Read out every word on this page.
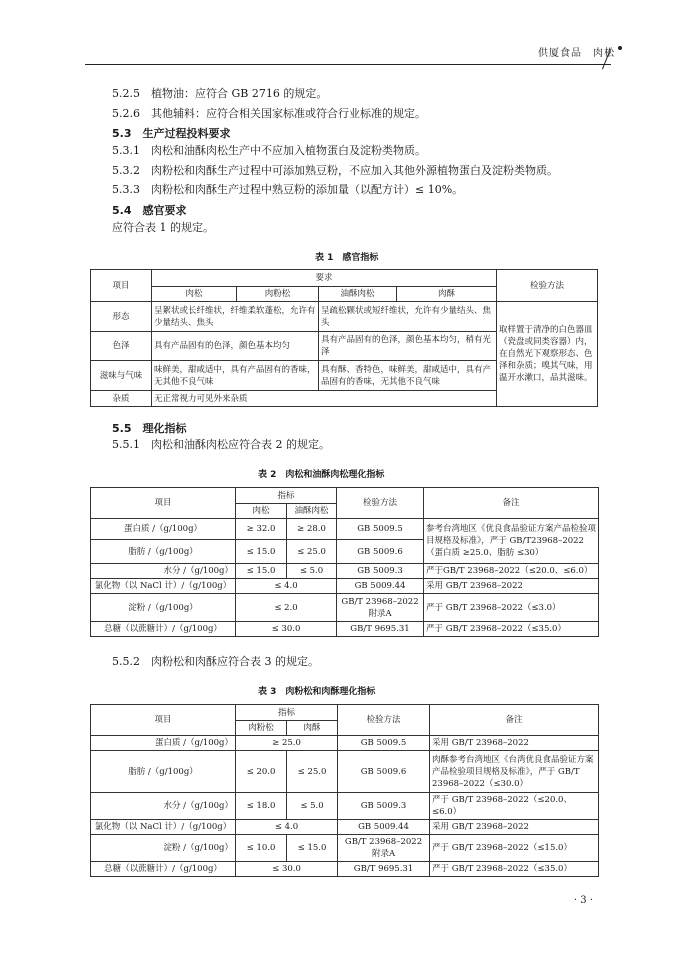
供厦食品　肉松
5.2.5　植物油：应符合 GB 2716 的规定。
5.2.6　其他辅料：应符合相关国家标准或符合行业标准的规定。
5.3　生产过程投料要求
5.3.1　肉松和油酥肉松生产中不应加入植物蛋白及淀粉类物质。
5.3.2　肉粉松和肉酥生产过程中可添加熟豆粉，不应加入其他外源植物蛋白及淀粉类物质。
5.3.3　肉粉松和肉酥生产过程中熟豆粉的添加量（以配方计）≤ 10%。
5.4　感官要求
应符合表 1 的规定。
表 1　感官指标
项目	要求				检验方法
	肉松	肉粉松	油酥肉松	肉酥	
形态	呈絮状或长纤维状，纤维柔软蓬松，允许有少量结头、焦头		呈疏松颗状或短纤维状，允许有少量结头、焦头		取样置于清净的白色器皿（瓷盘或同类容器）内，在自然光下观察形态、色泽和杂质；嗅其气味，用温开水漱口，品其滋味。
色泽	具有产品固有的色泽，颜色基本均匀		具有产品固有的色泽，颜色基本均匀，稍有光泽		
滋味与气味	味鲜美，甜咸适中，具有产品固有的香味，无其他不良气味		具有酥、香特色，味鲜美，甜咸适中，具有产品固有的香味，无其他不良气味		
杂质	无正常视力可见外来杂质				
5.5　理化指标
5.5.1　肉松和油酥肉松应符合表 2 的规定。
表 2　肉松和油酥肉松理化指标
项目	指标		检验方法	备注
	肉松	油酥肉松		
蛋白质 /（g/100g）	≥ 32.0	≥ 28.0	GB 5009.5	参考台湾地区《优良食品验证方案产品检验项目规格及标准》，严于 GB/T23968–2022（蛋白质 ≥25.0、脂肪 ≤30）
脂肪 /（g/100g）	≤ 15.0	≤ 25.0	GB 5009.6	
水分 /（g/100g）	≤ 15.0	≤ 5.0	GB 5009.3	严于GB/T 23968–2022（≤20.0、≤6.0）
氯化物（以 NaCl 计）/（g/100g）	≤ 4.0		GB 5009.44	采用 GB/T 23968–2022
淀粉 /（g/100g）	≤ 2.0		GB/T 23968–2022 附录A	严于 GB/T 23968–2022（≤3.0）
总糖（以蔗糖计）/（g/100g）	≤ 30.0		GB/T 9695.31	严于 GB/T 23968–2022（≤35.0）
5.5.2　肉粉松和肉酥应符合表 3 的规定。
表 3　肉粉松和肉酥理化指标
项目	指标		检验方法	备注
	肉粉松	肉酥		
蛋白质 /（g/100g）	≥ 25.0		GB 5009.5	采用 GB/T 23968–2022
脂肪 /（g/100g）	≤ 20.0	≤ 25.0	GB 5009.6	肉酥参考台湾地区《台湾优良食品验证方案产品检验项目规格及标准》，严于 GB/T 23968–2022（≤30.0）
水分 /（g/100g）	≤ 18.0	≤ 5.0	GB 5009.3	严于 GB/T 23968–2022（≤20.0、≤6.0）
氯化物（以 NaCl 计）/（g/100g）	≤ 4.0		GB 5009.44	采用 GB/T 23968–2022
淀粉 /（g/100g）	≤ 10.0	≤ 15.0	GB/T 23968–2022 附录A	严于 GB/T 23968–2022（≤15.0）
总糖（以蔗糖计）/（g/100g）	≤ 30.0		GB/T 9695.31	严于 GB/T 23968–2022（≤35.0）
· 3 ·
